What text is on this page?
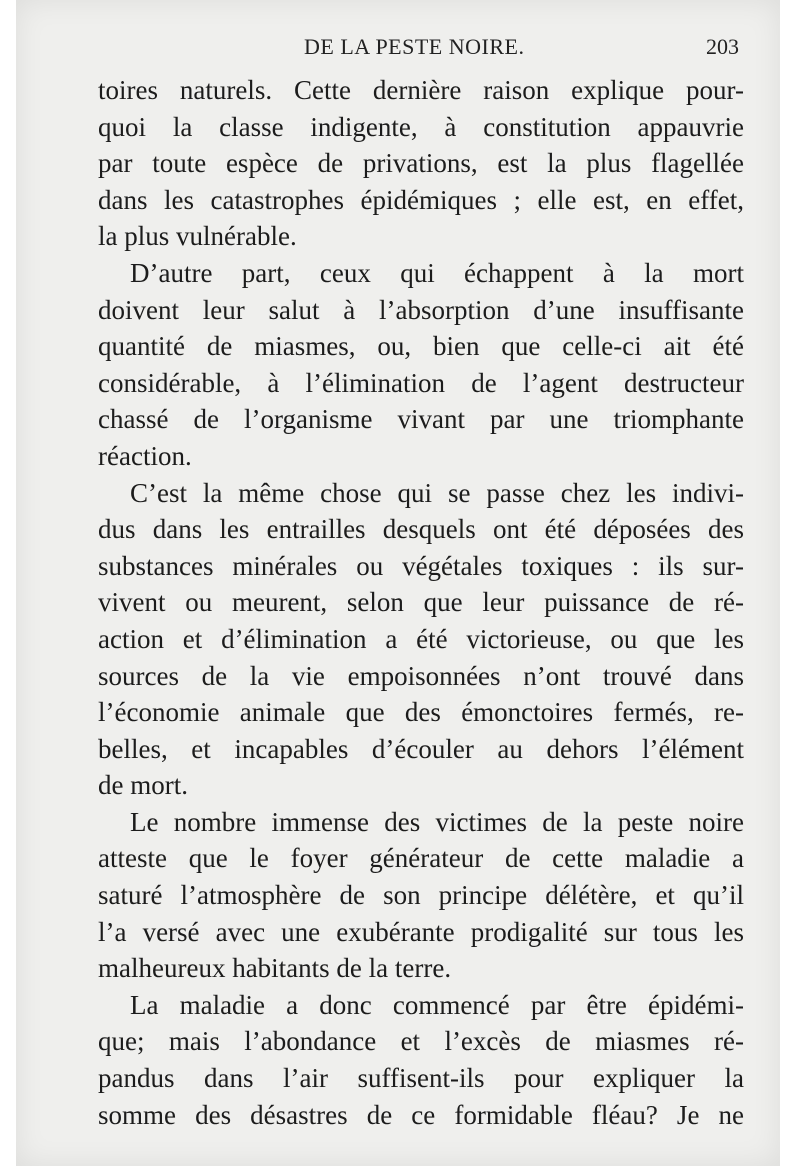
DE LA PESTE NOIRE.	203
toires naturels. Cette dernière raison explique pour-
quoi la classe indigente, à constitution appauvrie
par toute espèce de privations, est la plus flagellée
dans les catastrophes épidémiques ; elle est, en effet,
la plus vulnérable.
D’autre part, ceux qui échappent à la mort
doivent leur salut à l’absorption d’une insuffisante
quantité de miasmes, ou, bien que celle-ci ait été
considérable, à l’élimination de l’agent destructeur
chassé de l’organisme vivant par une triomphante
réaction.
C’est la même chose qui se passe chez les indivi-
dus dans les entrailles desquels ont été déposées des
substances minérales ou végétales toxiques : ils sur-
vivent ou meurent, selon que leur puissance de ré-
action et d’élimination a été victorieuse, ou que les
sources de la vie empoisonnées n’ont trouvé dans
l’économie animale que des émonctoires fermés, re-
belles, et incapables d’écouler au dehors l’élément
de mort.
Le nombre immense des victimes de la peste noire
atteste que le foyer générateur de cette maladie a
saturé l’atmosphère de son principe délétère, et qu’il
l’a versé avec une exubérante prodigalité sur tous les
malheureux habitants de la terre.
La maladie a donc commencé par être épidémi-
que; mais l’abondance et l’excès de miasmes ré-
pandus dans l’air suffisent-ils pour expliquer la
somme des désastres de ce formidable fléau? Je ne
